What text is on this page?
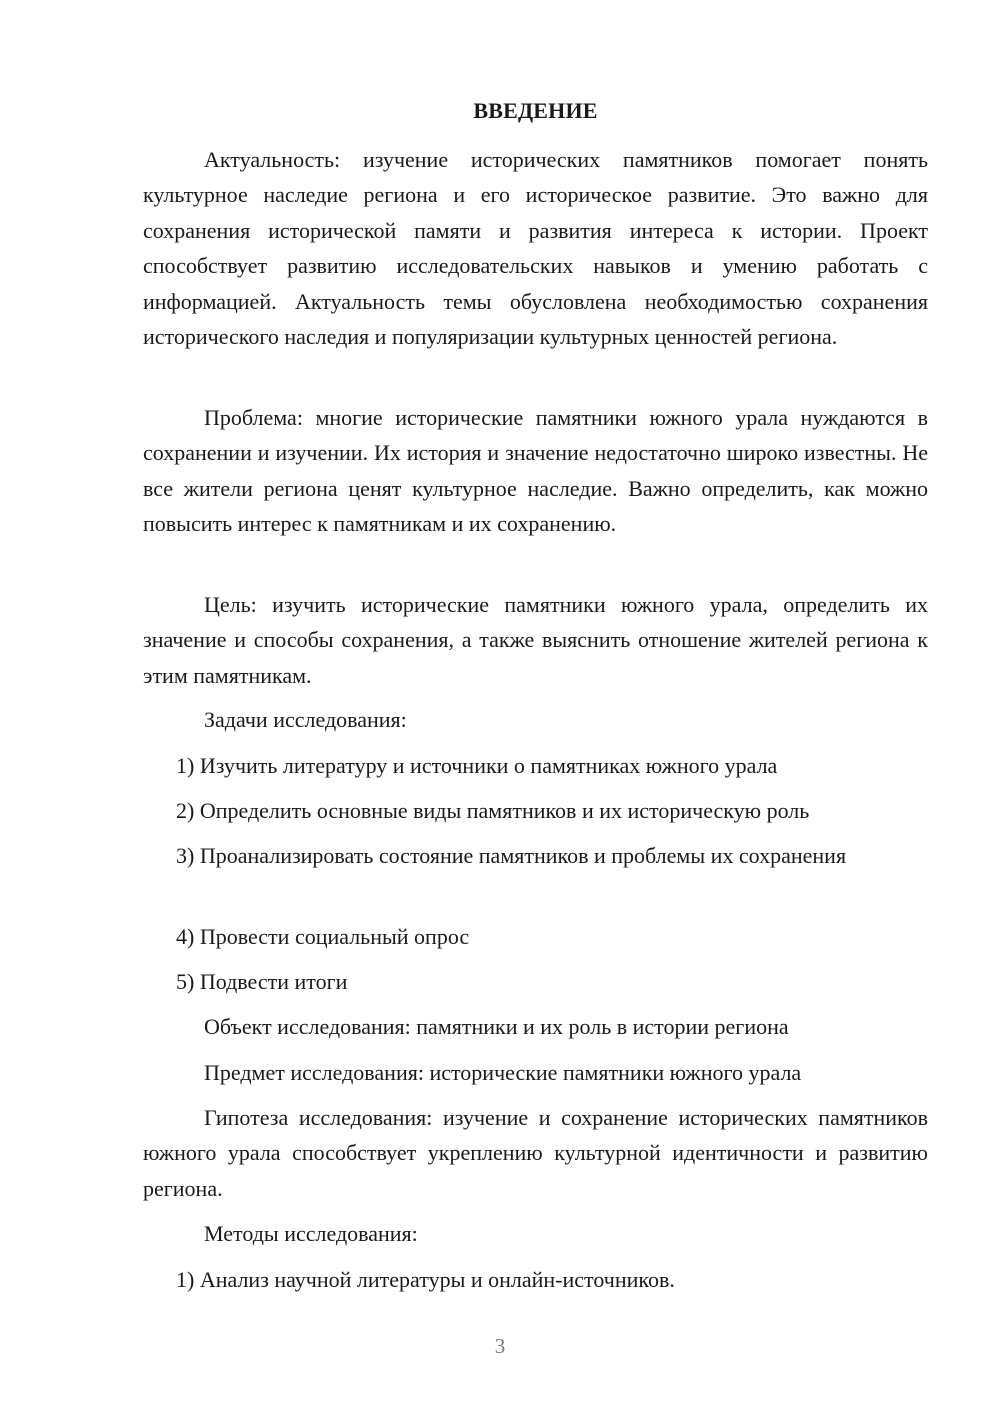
ВВЕДЕНИЕ

Актуальность: изучение исторических памятников помогает понять культурное наследие региона и его историческое развитие. Это важно для сохранения исторической памяти и развития интереса к истории. Проект способствует развитию исследовательских навыков и умению работать с информацией. Актуальность темы обусловлена необходимостью сохранения исторического наследия и популяризации культурных ценностей региона.

Проблема: многие исторические памятники южного урала нуждаются в сохранении и изучении. Их история и значение недостаточно широко известны. Не все жители региона ценят культурное наследие. Важно определить, как можно повысить интерес к памятникам и их сохранению.

Цель: изучить исторические памятники южного урала, определить их значение и способы сохранения, а также выяснить отношение жителей региона к этим памятникам.

Задачи исследования:

1) Изучить литературу и источники о памятниках южного урала

2) Определить основные виды памятников и их историческую роль

3) Проанализировать состояние памятников и проблемы их сохранения

4) Провести социальный опрос

5) Подвести итоги

Объект исследования: памятники и их роль в истории региона

Предмет исследования: исторические памятники южного урала

Гипотеза исследования: изучение и сохранение исторических памятников южного урала способствует укреплению культурной идентичности и развитию региона.

Методы исследования:

1) Анализ научной литературы и онлайн-источников.

3
